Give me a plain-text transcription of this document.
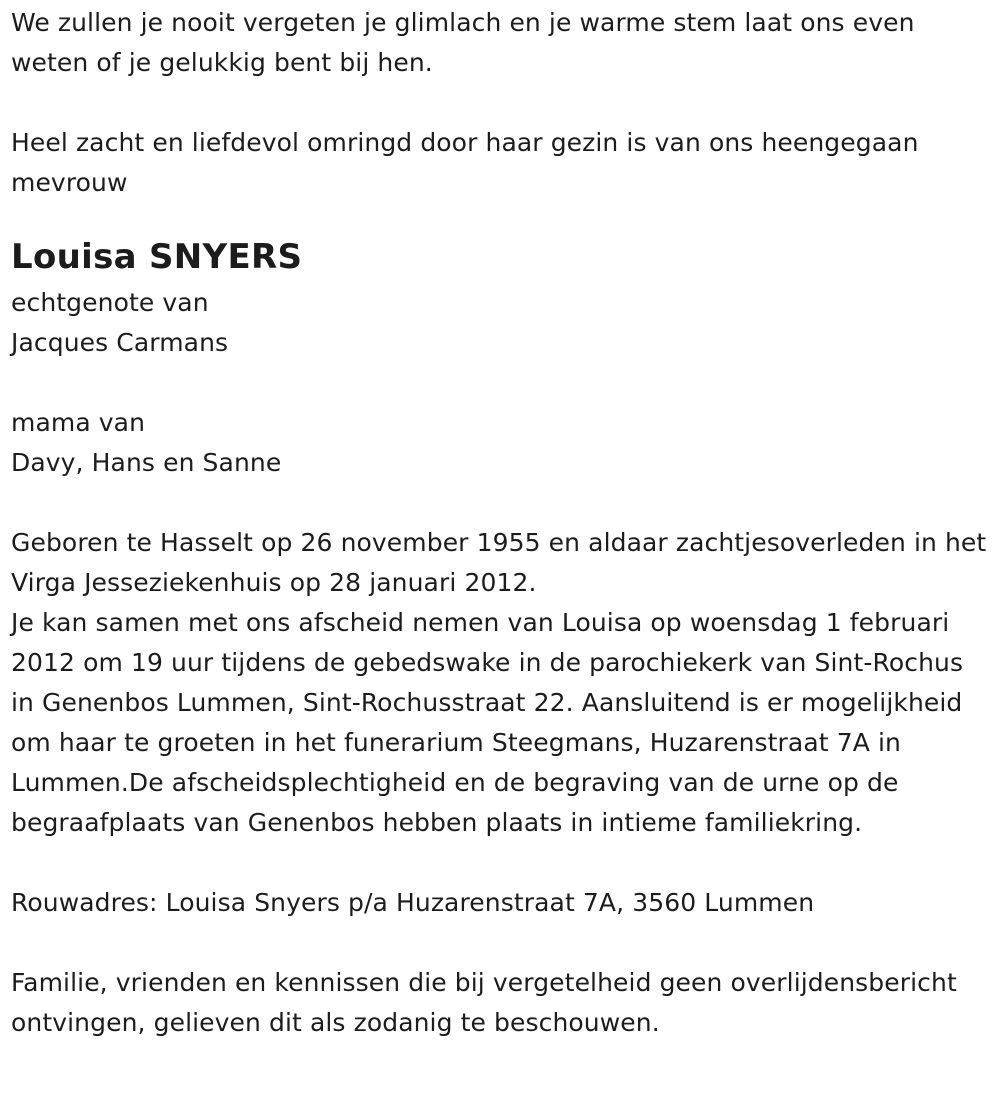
We zullen je nooit vergeten je glimlach en je warme stem laat ons even weten of je gelukkig bent bij hen.

Heel zacht en liefdevol omringd door haar gezin is van ons heengegaan mevrouw

Louisa SNYERS

echtgenote van

Jacques Carmans

mama van

Davy, Hans en Sanne

Geboren te Hasselt op 26 november 1955 en aldaar zachtjesoverleden in het Virga Jesseziekenhuis op 28 januari 2012.

Je kan samen met ons afscheid nemen van Louisa op woensdag 1 februari 2012 om 19 uur tijdens de gebedswake in de parochiekerk van Sint-Rochus in Genenbos Lummen, Sint-Rochusstraat 22. Aansluitend is er mogelijkheid om haar te groeten in het funerarium Steegmans, Huzarenstraat 7A in Lummen.De afscheidsplechtigheid en de begraving van de urne op de begraafplaats van Genenbos hebben plaats in intieme familiekring.

Rouwadres: Louisa Snyers p/a Huzarenstraat 7A, 3560 Lummen

Familie, vrienden en kennissen die bij vergetelheid geen overlijdensbericht ontvingen, gelieven dit als zodanig te beschouwen.
